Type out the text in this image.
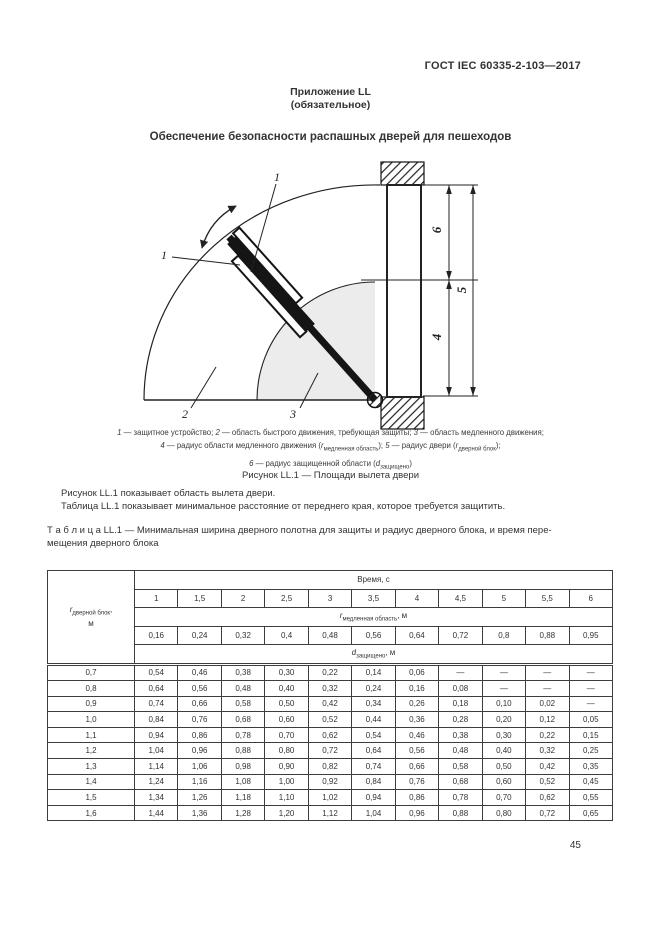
ГОСТ IEC 60335-2-103—2017
Приложение LL
(обязательное)
Обеспечение безопасности распашных дверей для пешеходов
6
4
5
1
1
2	3
1 — защитное устройство; 2 — область быстрого движения, требующая защиты; 3 — область медленного движения;
4 — радиус области медленного движения $(r_{медленная область})$; 5 — радиус двери $(r_{дверной блок})$;
6 — радиус защищенной области $(d_{защищено})$
Рисунок LL.1 — Площади вылета двери

Рисунок LL.1 показывает область вылета двери.

Таблица LL.1 показывает минимальное расстояние от переднего края, которое требуется защитить.

Т а б л и ц а LL.1 — Минимальная ширина дверного полотна для защиты и радиус дверного блока, и время пере-
мещения дверного блока
$r_{дверной блок}$,
м	Время, с										
	1	1,5	2	2,5	3	3,5	4	4,5	5	5,5	6
	$r_{медленная область}$, м										
	0,16	0,24	0,32	0,4	0,48	0,56	0,64	0,72	0,8	0,88	0,95
	$d_{защищено}$, м										
0,7	0,54	0,46	0,38	0,30	0,22	0,14	0,06	—	—	—	—
0,8	0,64	0,56	0,48	0,40	0,32	0,24	0,16	0,08	—	—	—
0,9	0,74	0,66	0,58	0,50	0,42	0,34	0,26	0,18	0,10	0,02	—
1,0	0,84	0,76	0,68	0,60	0,52	0,44	0,36	0,28	0,20	0,12	0,05
1,1	0,94	0,86	0,78	0,70	0,62	0,54	0,46	0,38	0,30	0,22	0,15
1,2	1,04	0,96	0,88	0,80	0,72	0,64	0,56	0,48	0,40	0,32	0,25
1,3	1,14	1,06	0,98	0,90	0,82	0,74	0,66	0,58	0,50	0,42	0,35
1,4	1,24	1,16	1,08	1,00	0,92	0,84	0,76	0,68	0,60	0,52	0,45
1,5	1,34	1,26	1,18	1,10	1,02	0,94	0,86	0,78	0,70	0,62	0,55
1,6	1,44	1,36	1,28	1,20	1,12	1,04	0,96	0,88	0,80	0,72	0,65
45
